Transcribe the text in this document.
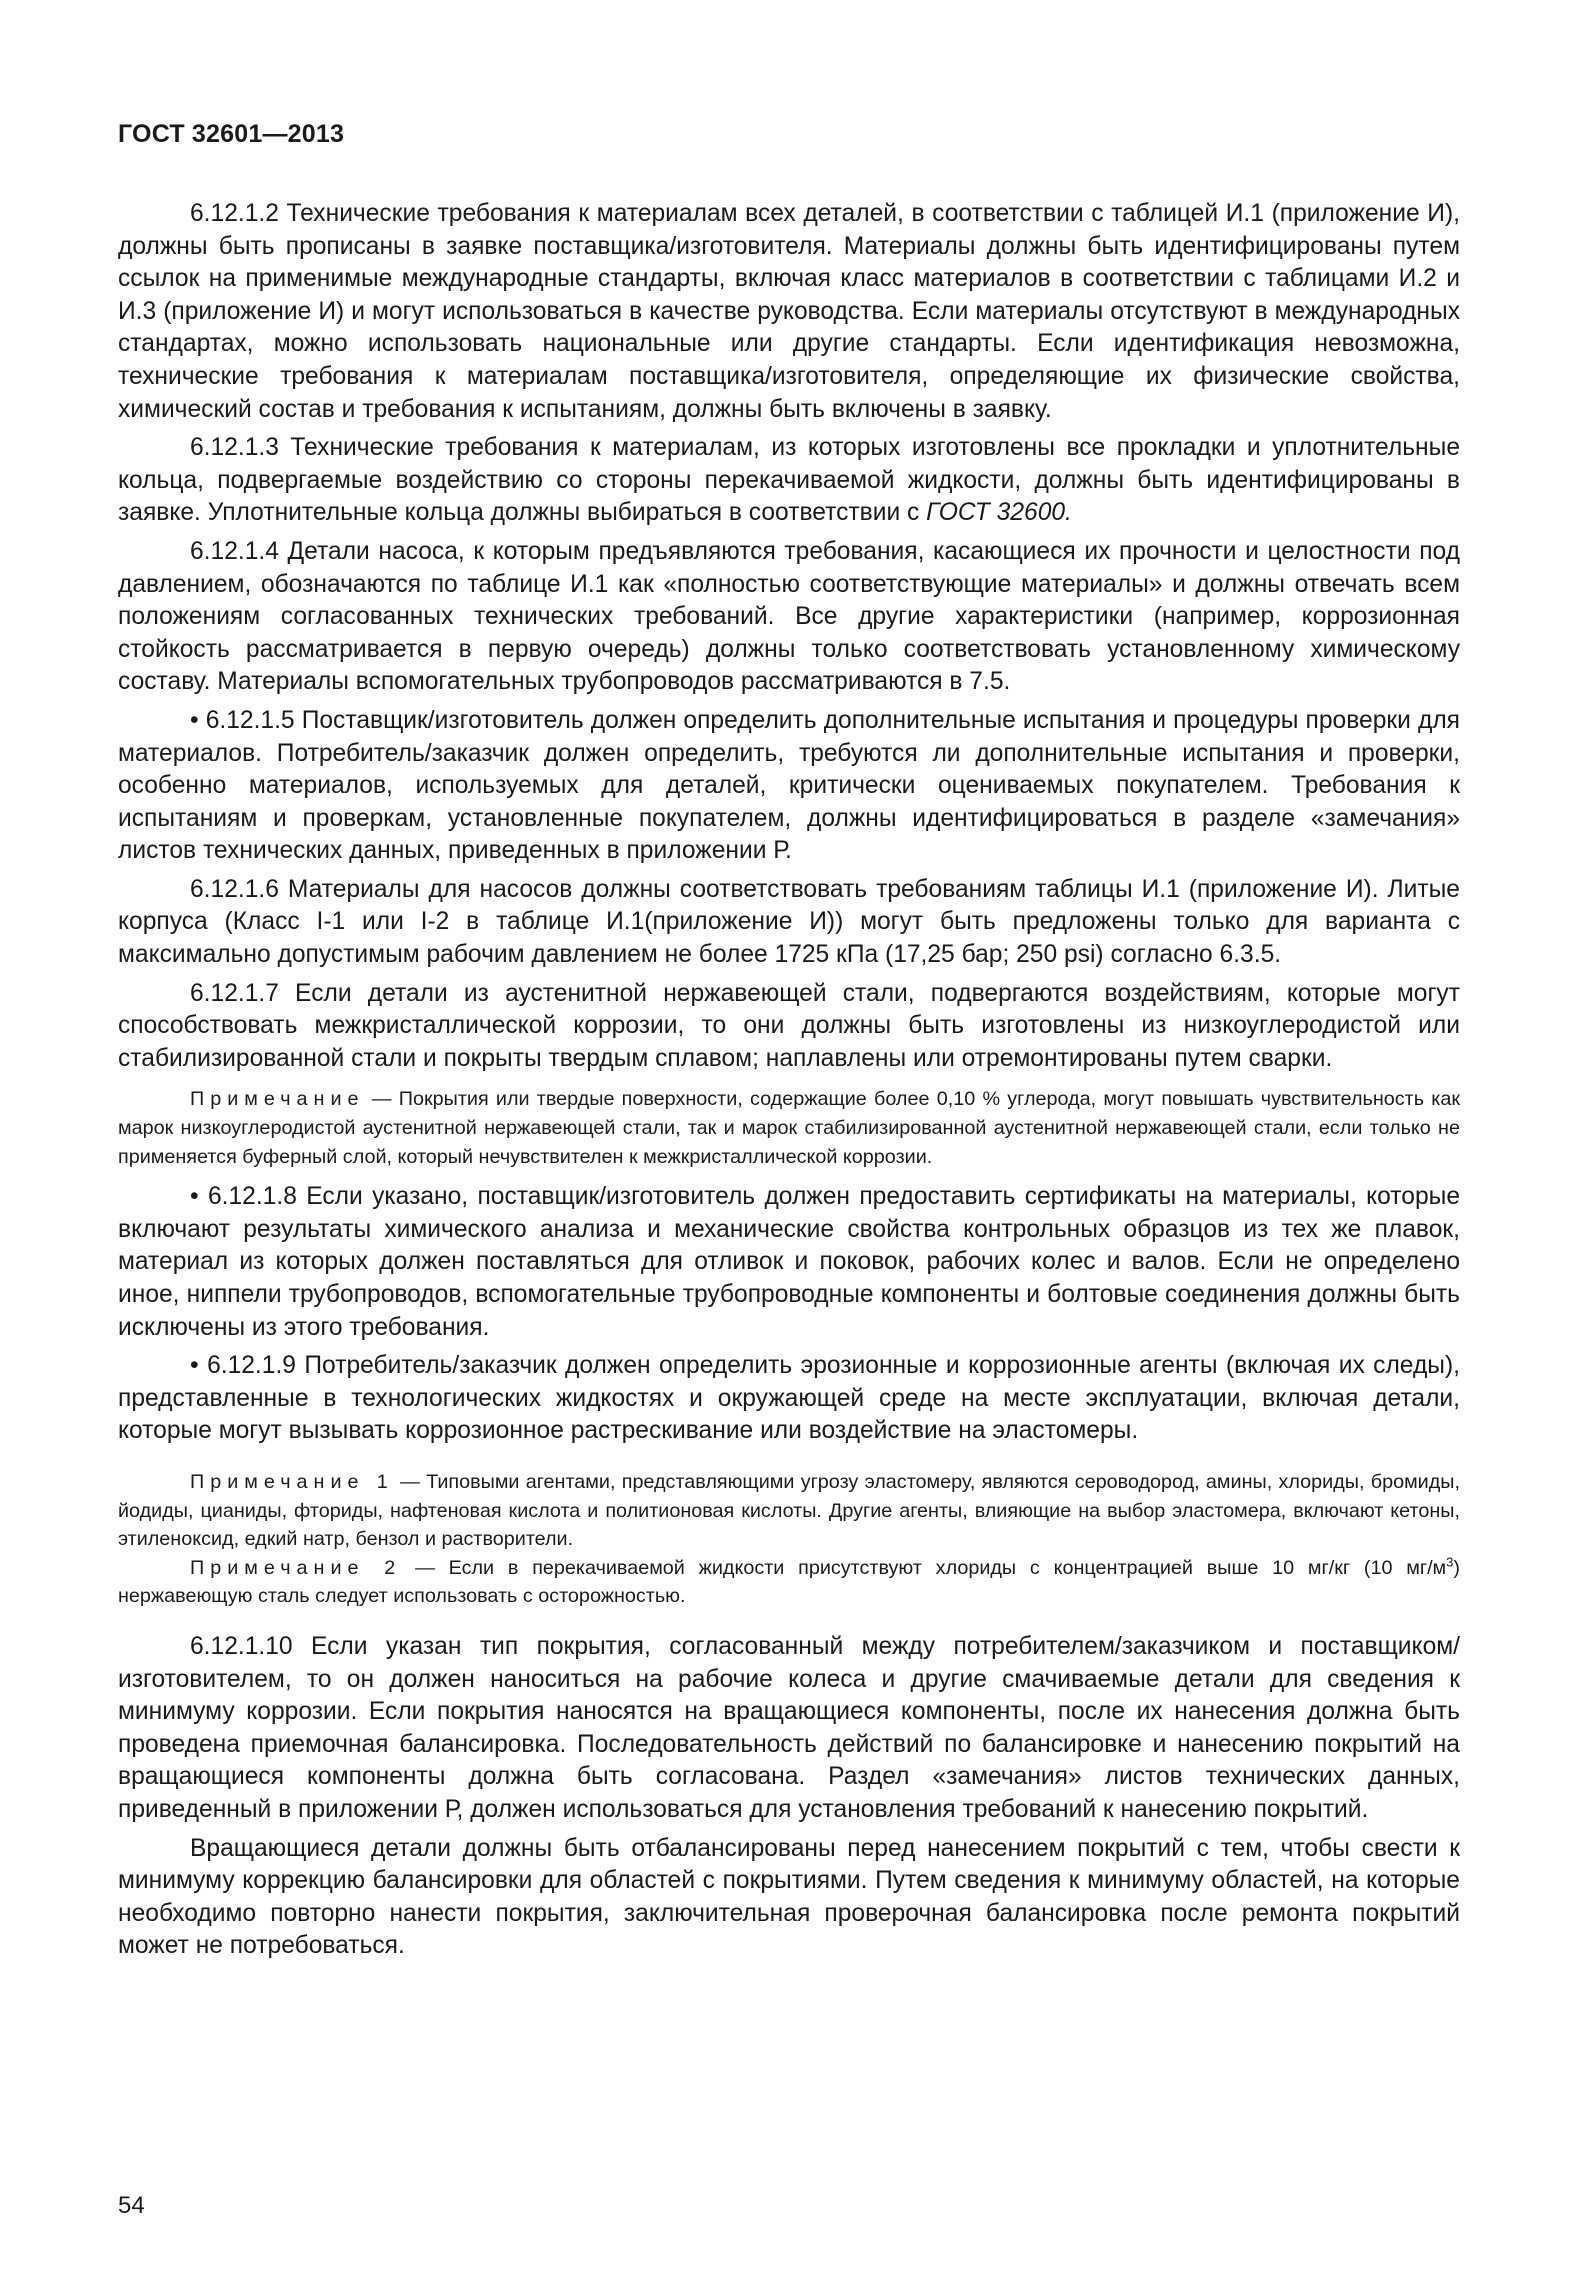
ГОСТ 32601—2013

6.12.1.2 Технические требования к материалам всех деталей, в соответствии с таблицей И.1 (приложение И), должны быть прописаны в заявке поставщика/изготовителя. Материалы должны быть идентифицированы путем ссылок на применимые международные стандарты, включая класс материалов в соответствии с таблицами И.2 и И.3 (приложение И) и могут использоваться в качестве руководства. Если материалы отсутствуют в международных стандартах, можно использовать национальные или другие стандарты. Если идентификация невозможна, технические требования к материалам поставщика/изготовителя, определяющие их физические свойства, химический состав и требования к испытаниям, должны быть включены в заявку.

6.12.1.3 Технические требования к материалам, из которых изготовлены все прокладки и уплотнительные кольца, подвергаемые воздействию со стороны перекачиваемой жидкости, должны быть идентифицированы в заявке. Уплотнительные кольца должны выбираться в соответствии с ГОСТ 32600.

6.12.1.4 Детали насоса, к которым предъявляются требования, касающиеся их прочности и целостности под давлением, обозначаются по таблице И.1 как «полностью соответствующие материалы» и должны отвечать всем положениям согласованных технических требований. Все другие характеристики (например, коррозионная стойкость рассматривается в первую очередь) должны только соответствовать установленному химическому составу. Материалы вспомогательных трубопроводов рассматриваются в 7.5.

• 6.12.1.5 Поставщик/изготовитель должен определить дополнительные испытания и процедуры проверки для материалов. Потребитель/заказчик должен определить, требуются ли дополнительные испытания и проверки, особенно материалов, используемых для деталей, критически оцениваемых покупателем. Требования к испытаниям и проверкам, установленные покупателем, должны идентифицироваться в разделе «замечания» листов технических данных, приведенных в приложении Р.

6.12.1.6 Материалы для насосов должны соответствовать требованиям таблицы И.1 (приложение И). Литые корпуса (Класс I-1 или I-2 в таблице И.1(приложение И)) могут быть предложены только для варианта с максимально допустимым рабочим давлением не более 1725 кПа (17,25 бар; 250 psi) согласно 6.3.5.

6.12.1.7 Если детали из аустенитной нержавеющей стали, подвергаются воздействиям, которые могут способствовать межкристаллической коррозии, то они должны быть изготовлены из низкоуглеродистой или стабилизированной стали и покрыты твердым сплавом; наплавлены или отремонтированы путем сварки.

Примечание — Покрытия или твердые поверхности, содержащие более 0,10 % углерода, могут повышать чувствительность как марок низкоуглеродистой аустенитной нержавеющей стали, так и марок стабилизированной аустенитной нержавеющей стали, если только не применяется буферный слой, который нечувствителен к межкристаллической коррозии.

• 6.12.1.8 Если указано, поставщик/изготовитель должен предоставить сертификаты на материалы, которые включают результаты химического анализа и механические свойства контрольных образцов из тех же плавок, материал из которых должен поставляться для отливок и поковок, рабочих колес и валов. Если не определено иное, ниппели трубопроводов, вспомогательные трубопроводные компоненты и болтовые соединения должны быть исключены из этого требования.

• 6.12.1.9 Потребитель/заказчик должен определить эрозионные и коррозионные агенты (включая их следы), представленные в технологических жидкостях и окружающей среде на месте эксплуатации, включая детали, которые могут вызывать коррозионное растрескивание или воздействие на эластомеры.

Примечание 1 — Типовыми агентами, представляющими угрозу эластомеру, являются сероводород, амины, хлориды, бромиды, йодиды, цианиды, фториды, нафтеновая кислота и политионовая кислоты. Другие агенты, влияющие на выбор эластомера, включают кетоны, этиленоксид, едкий натр, бензол и растворители.

Примечание 2 — Если в перекачиваемой жидкости присутствуют хлориды с концентрацией выше 10 мг/кг (10 $мг/м^3$) нержавеющую сталь следует использовать с осторожностью.

6.12.1.10 Если указан тип покрытия, согласованный между потребителем/заказчиком и поставщиком/изготовителем, то он должен наноситься на рабочие колеса и другие смачиваемые детали для сведения к минимуму коррозии. Если покрытия наносятся на вращающиеся компоненты, после их нанесения должна быть проведена приемочная балансировка. Последовательность действий по балансировке и нанесению покрытий на вращающиеся компоненты должна быть согласована. Раздел «замечания» листов технических данных, приведенный в приложении Р, должен использоваться для установления требований к нанесению покрытий.

Вращающиеся детали должны быть отбалансированы перед нанесением покрытий с тем, чтобы свести к минимуму коррекцию балансировки для областей с покрытиями. Путем сведения к минимуму областей, на которые необходимо повторно нанести покрытия, заключительная проверочная балансировка после ремонта покрытий может не потребоваться.

54
